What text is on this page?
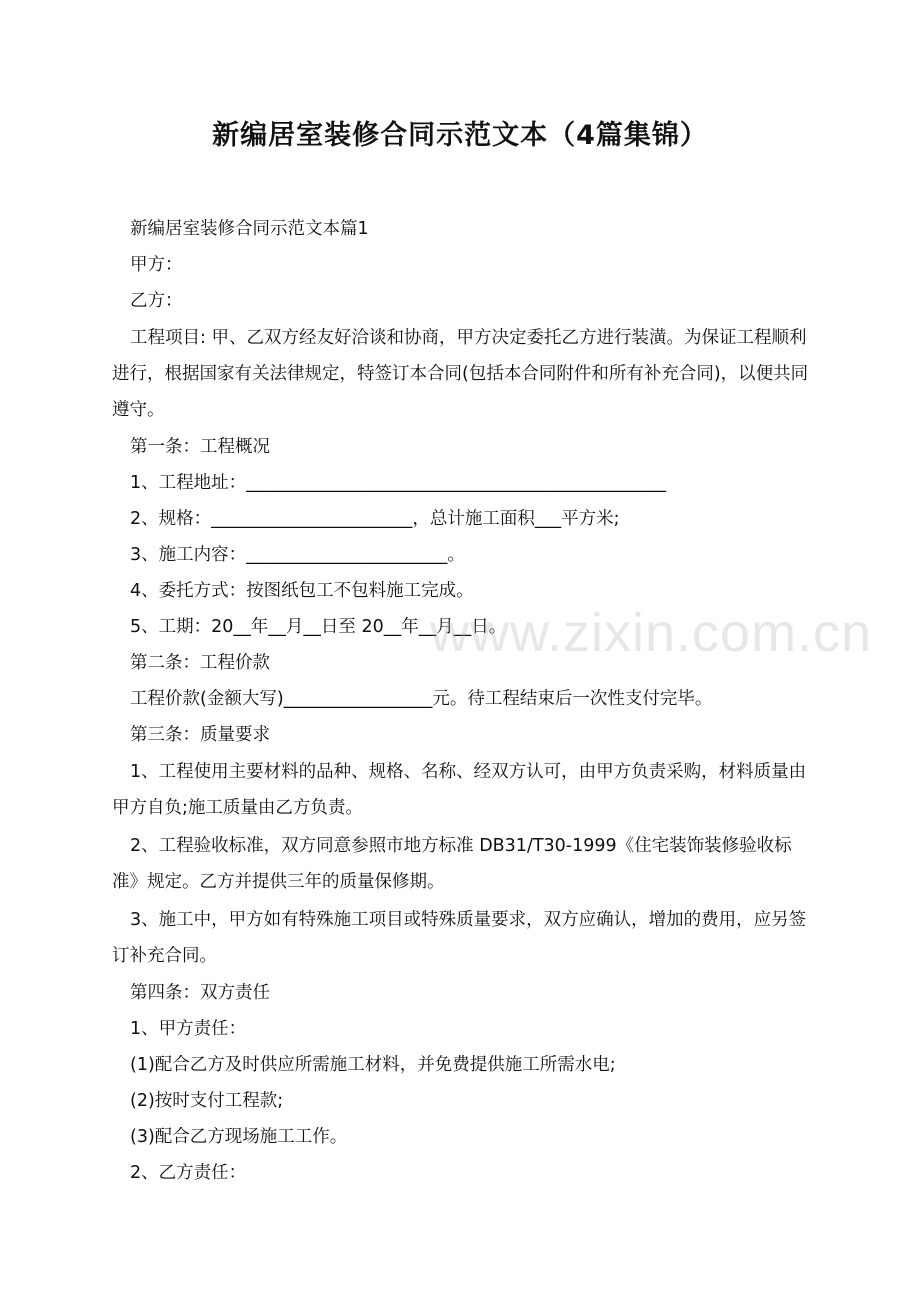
新编居室装修合同示范文本（4篇集锦）

新编居室装修合同示范文本篇1

甲方：

乙方：

工程项目: 甲、乙双方经友好洽谈和协商，甲方决定委托乙方进行装潢。为保证工程顺利进行，根据国家有关法律规定，特签订本合同(包括本合同附件和所有补充合同)，以便共同遵守。

第一条：工程概况

1、工程地址：________________________________________________

2、规格：_______________________，总计施工面积___平方米;

3、施工内容：_______________________。

4、委托方式：按图纸包工不包料施工完成。

5、工期：20__年__月__日至 20__年__月__日。

第二条：工程价款

工程价款(金额大写)_________________元。待工程结束后一次性支付完毕。

第三条：质量要求

1、工程使用主要材料的品种、规格、名称、经双方认可，由甲方负责采购，材料质量由甲方自负;施工质量由乙方负责。

2、工程验收标准，双方同意参照市地方标准 DB31/T30-1999《住宅装饰装修验收标准》规定。乙方并提供三年的质量保修期。

3、施工中，甲方如有特殊施工项目或特殊质量要求，双方应确认，增加的费用，应另签订补充合同。

第四条：双方责任

1、甲方责任：

(1)配合乙方及时供应所需施工材料，并免费提供施工所需水电;

(2)按时支付工程款;

(3)配合乙方现场施工工作。

2、乙方责任：

www.zixin.com.cn
